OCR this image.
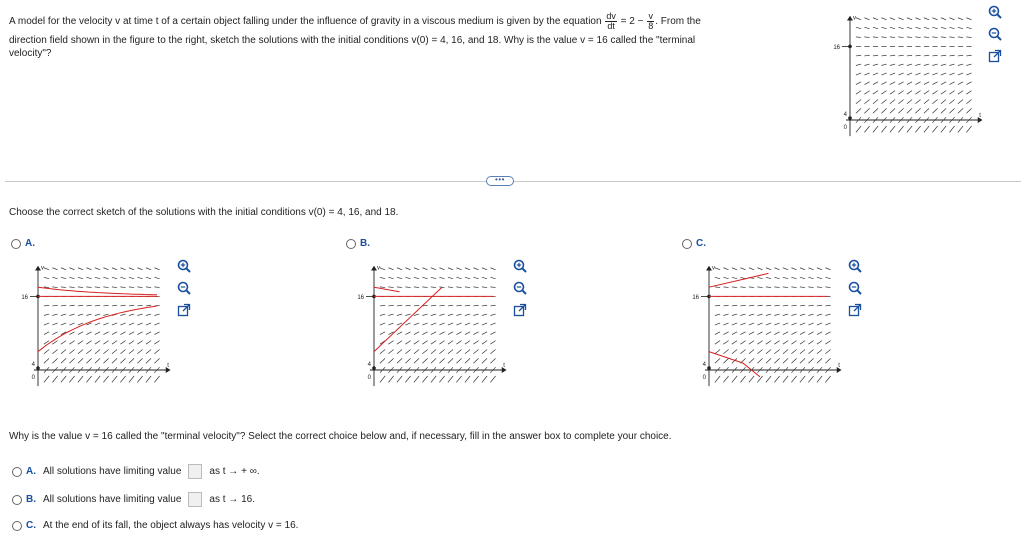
A model for the velocity v at time t of a certain object falling under the influence of gravity in a viscous medium is given by the equation $\frac{dv}{dt} = 2 - \frac{v}{8}$ . From the
direction field shown in the figure to the right, sketch the solutions with the initial conditions v(0) = 4, 16, and 18. Why is the value v = 16 called the "terminal
velocity"?
16
4
0
v
t
•••
Choose the correct sketch of the solutions with the initial conditions v(0) = 4, 16, and 18.
A.
16
4
0
v
t
B.
16
4
0
v
t
C.
16
4
0
v
t
Why is the value v = 16 called the "terminal velocity"? Select the correct choice below and, if necessary, fill in the answer box to complete your choice.
A. All solutions have limiting value	as t → + ∞.
B. All solutions have limiting value	as t → 16.
C. At the end of its fall, the object always has velocity v = 16.
